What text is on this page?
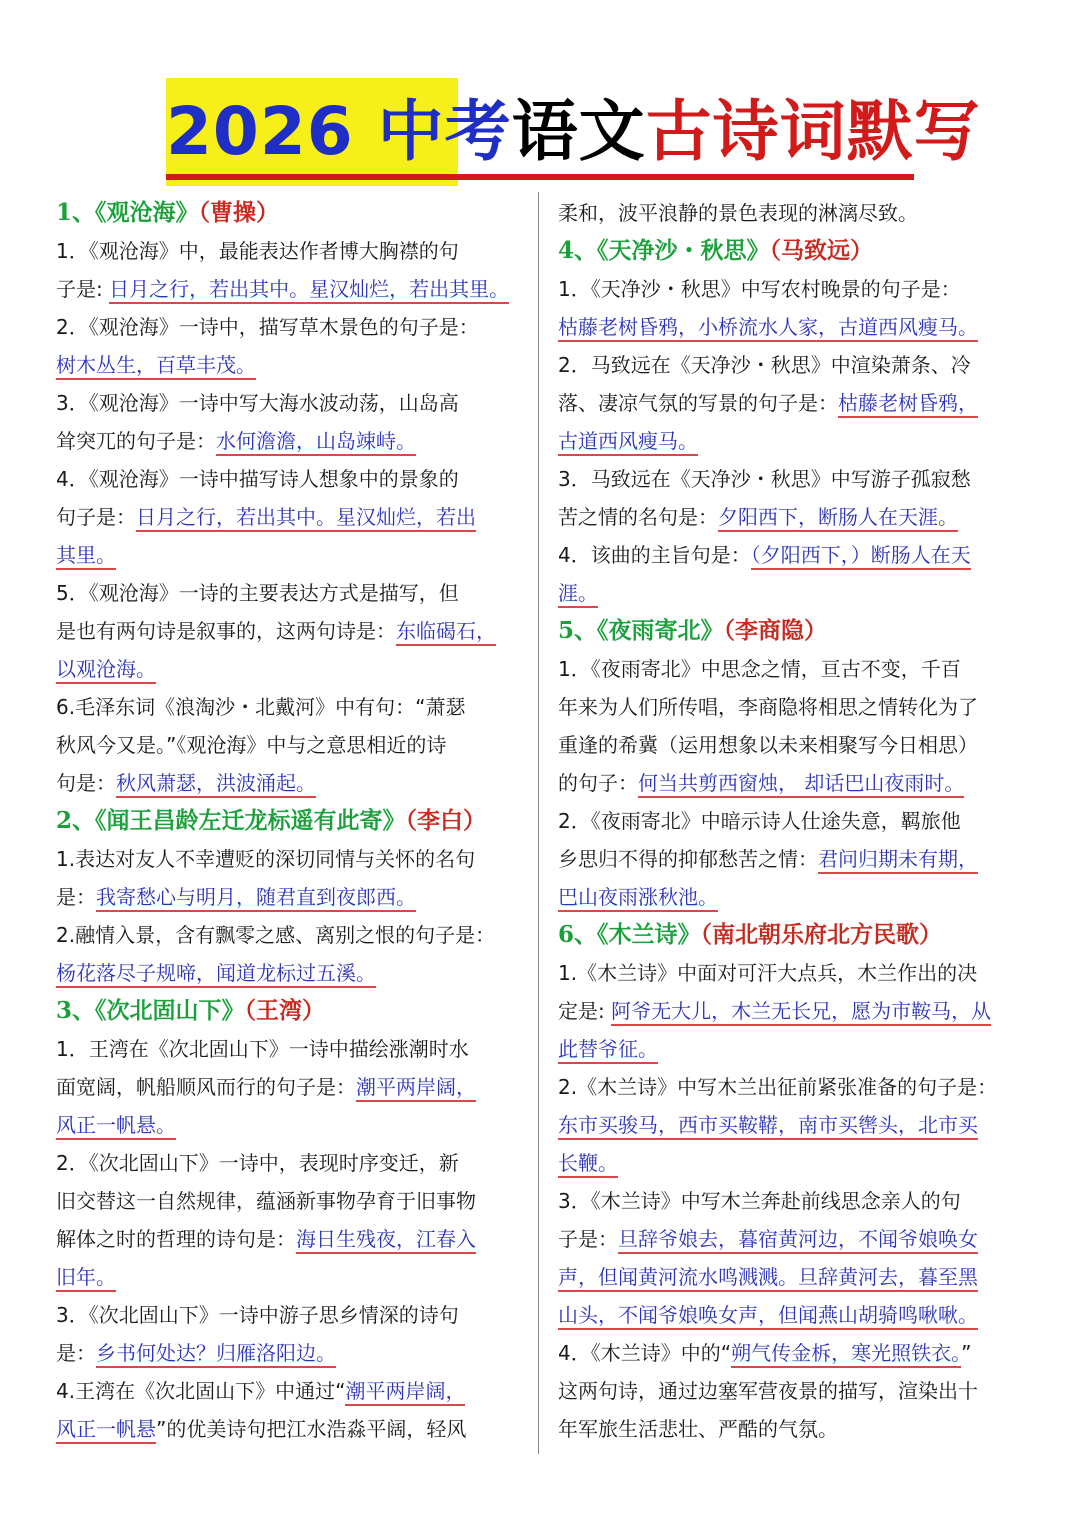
2026 中考语文古诗词默写
1、《观沧海》（曹操）
1．《观沧海》中，最能表达作者博大胸襟的句
子是: 日月之行，若出其中。星汉灿烂，若出其里。
2．《观沧海》一诗中，描写草木景色的句子是：
树木丛生，百草丰茂。
3．《观沧海》一诗中写大海水波动荡，山岛高
耸突兀的句子是：水何澹澹，山岛竦峙。
4．《观沧海》一诗中描写诗人想象中的景象的
句子是：日月之行，若出其中。星汉灿烂，若出
其里。
5．《观沧海》一诗的主要表达方式是描写，但
是也有两句诗是叙事的，这两句诗是：东临碣石，
以观沧海。
6.毛泽东词《浪淘沙・北戴河》中有句：“萧瑟
秋风今又是。”《观沧海》中与之意思相近的诗
句是：秋风萧瑟，洪波涌起。
2、《闻王昌龄左迁龙标遥有此寄》（李白）
1.表达对友人不幸遭贬的深切同情与关怀的名句
是：我寄愁心与明月，随君直到夜郎西。
2.融情入景，含有飘零之感、离别之恨的句子是：
杨花落尽子规啼，闻道龙标过五溪。
3、《次北固山下》（王湾）
1．王湾在《次北固山下》一诗中描绘涨潮时水
面宽阔，帆船顺风而行的句子是：潮平两岸阔，
风正一帆悬。
2．《次北固山下》一诗中，表现时序变迁，新
旧交替这一自然规律，蕴涵新事物孕育于旧事物
解体之时的哲理的诗句是：海日生残夜，江春入
旧年。
3．《次北固山下》一诗中游子思乡情深的诗句
是：乡书何处达？归雁洛阳边。
4.王湾在《次北固山下》中通过“潮平两岸阔，
风正一帆悬”的优美诗句把江水浩淼平阔，轻风
柔和，波平浪静的景色表现的淋漓尽致。
4、《天净沙・秋思》（马致远）
1．《天净沙・秋思》中写农村晚景的句子是：
枯藤老树昏鸦，小桥流水人家，古道西风瘦马。
2．马致远在《天净沙・秋思》中渲染萧条、冷
落、凄凉气氛的写景的句子是：枯藤老树昏鸦，
古道西风瘦马。
3．马致远在《天净沙・秋思》中写游子孤寂愁
苦之情的名句是：夕阳西下，断肠人在天涯。
4．该曲的主旨句是：（夕阳西下，）断肠人在天
涯。
5、《夜雨寄北》（李商隐）
1．《夜雨寄北》中思念之情，亘古不变，千百
年来为人们所传唱，李商隐将相思之情转化为了
重逢的希冀（运用想象以未来相聚写今日相思）
的句子：何当共剪西窗烛， 却话巴山夜雨时。
2．《夜雨寄北》中暗示诗人仕途失意，羁旅他
乡思归不得的抑郁愁苦之情：君问归期未有期，
巴山夜雨涨秋池。
6、《木兰诗》（南北朝乐府北方民歌）
1.《木兰诗》中面对可汗大点兵，木兰作出的决
定是: 阿爷无大儿，木兰无长兄，愿为市鞍马，从
此替爷征。
2.《木兰诗》中写木兰出征前紧张准备的句子是：
东市买骏马，西市买鞍鞯，南市买辔头，北市买
长鞭。
3．《木兰诗》中写木兰奔赴前线思念亲人的句
子是：旦辞爷娘去，暮宿黄河边，不闻爷娘唤女
声，但闻黄河流水鸣溅溅。旦辞黄河去，暮至黑
山头，不闻爷娘唤女声，但闻燕山胡骑鸣啾啾。
4．《木兰诗》中的“朔气传金柝，寒光照铁衣。”
这两句诗，通过边塞军营夜景的描写，渲染出十
年军旅生活悲壮、严酷的气氛。
